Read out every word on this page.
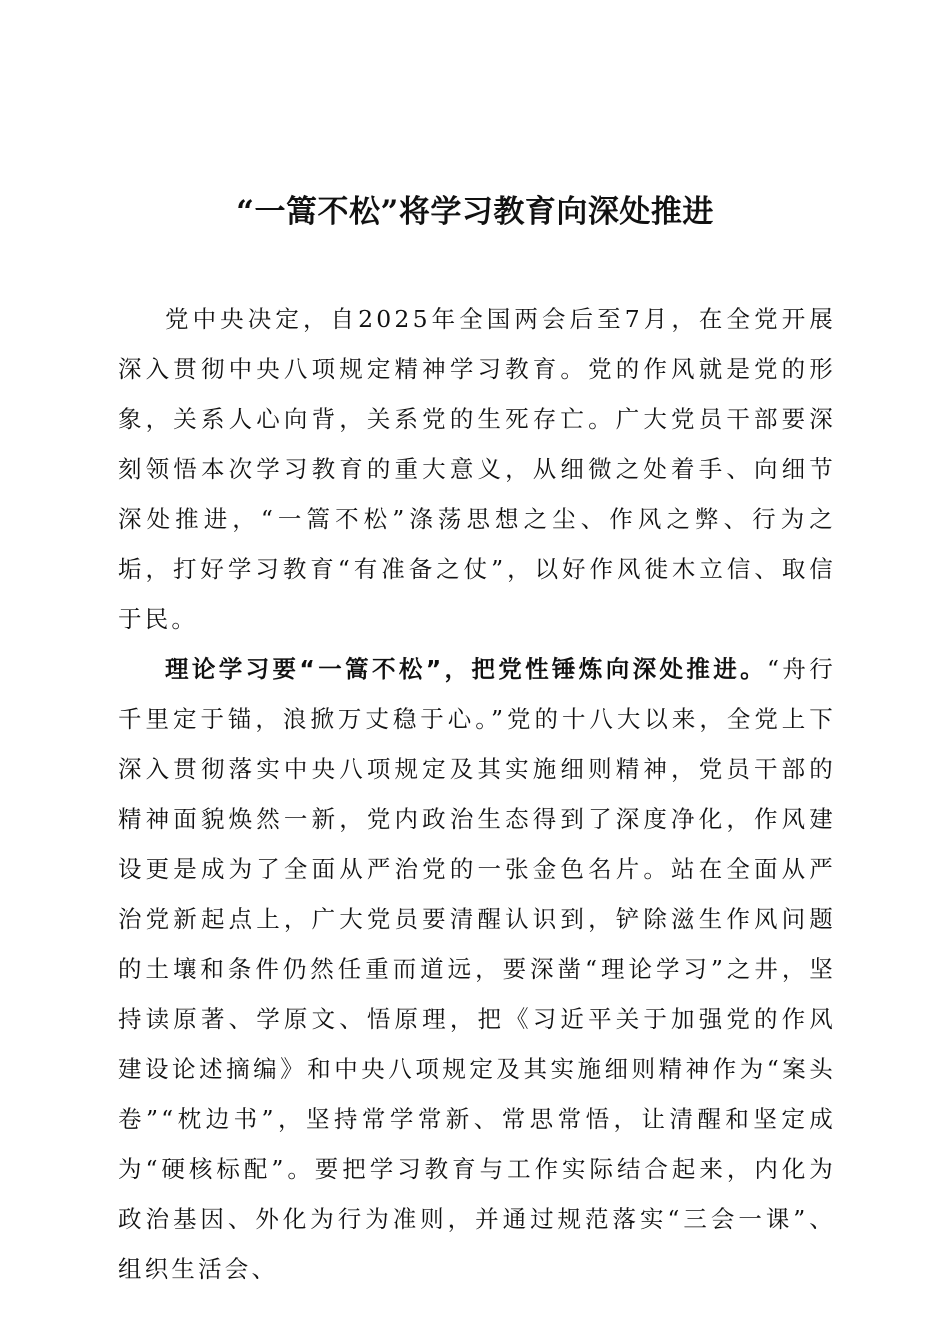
“一篙不松”将学习教育向深处推进

党中央决定，自2025年全国两会后至7月，在全党开展深入贯彻中央八项规定精神学习教育。党的作风就是党的形象，关系人心向背，关系党的生死存亡。广大党员干部要深刻领悟本次学习教育的重大意义，从细微之处着手、向细节深处推进，“一篙不松”涤荡思想之尘、作风之弊、行为之垢，打好学习教育“有准备之仗”，以好作风徙木立信、取信于民。

理论学习要“一篙不松”，把党性锤炼向深处推进。“舟行千里定于锚，浪掀万丈稳于心。”党的十八大以来，全党上下深入贯彻落实中央八项规定及其实施细则精神，党员干部的精神面貌焕然一新，党内政治生态得到了深度净化，作风建设更是成为了全面从严治党的一张金色名片。站在全面从严治党新起点上，广大党员要清醒认识到，铲除滋生作风问题的土壤和条件仍然任重而道远，要深凿“理论学习”之井，坚持读原著、学原文、悟原理，把《习近平关于加强党的作风建设论述摘编》和中央八项规定及其实施细则精神作为“案头卷”“枕边书”，坚持常学常新、常思常悟，让清醒和坚定成为“硬核标配”。要把学习教育与工作实际结合起来，内化为政治基因、外化为行为准则，并通过规范落实“三会一课”、组织生活会、
